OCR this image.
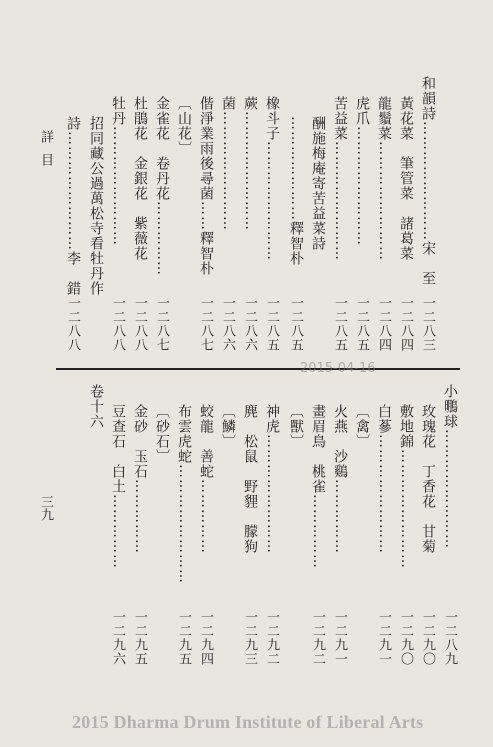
和韻詩……………………宋　至
一二八三
黃花菜　筆管菜　諸葛菜
一二八四
龍鬚菜……………………
一二八四
虎爪……………………
一二八五
苦益菜……………………
一二八五
酬施梅庵寄苦益菜詩
…………………釋智朴
一二八五
橡斗子……………………
一二八五
蕨……………………
一二八六
菌……………………
一二八六
偕淨業雨後尋菌……釋智朴
一二八七
〔山花〕
金雀花　卷丹花……………
一二八七
杜鵑花　金銀花　紫薇花
一二八八
牡丹……………………
一二八八
招同藏公過萬松寺看牡丹作
詩……………………李　錯
一二八八
詳目
2015-04-16
小䳟球……………………
一二八九
玫瑰花　丁香花　甘菊
一二九〇
敷地錦……………………
一二九〇
白蔘……………………
一二九一
〔禽〕
火燕　沙鷄……………
一二九一
畫眉鳥　桃雀……………
一二九二
〔獸〕
神虎……………………
一二九二
麂　松鼠　野貍　朦狗
一二九三
〔鱗〕
蛟龍　善蛇……………
一二九四
布雲虎蛇……………………
一二九五
〔砂石〕
金砂　玉石……………
一二九五
豆查石　白土……………
一二九六
卷十六
三九
2015 Dharma Drum Institute of Liberal Arts
